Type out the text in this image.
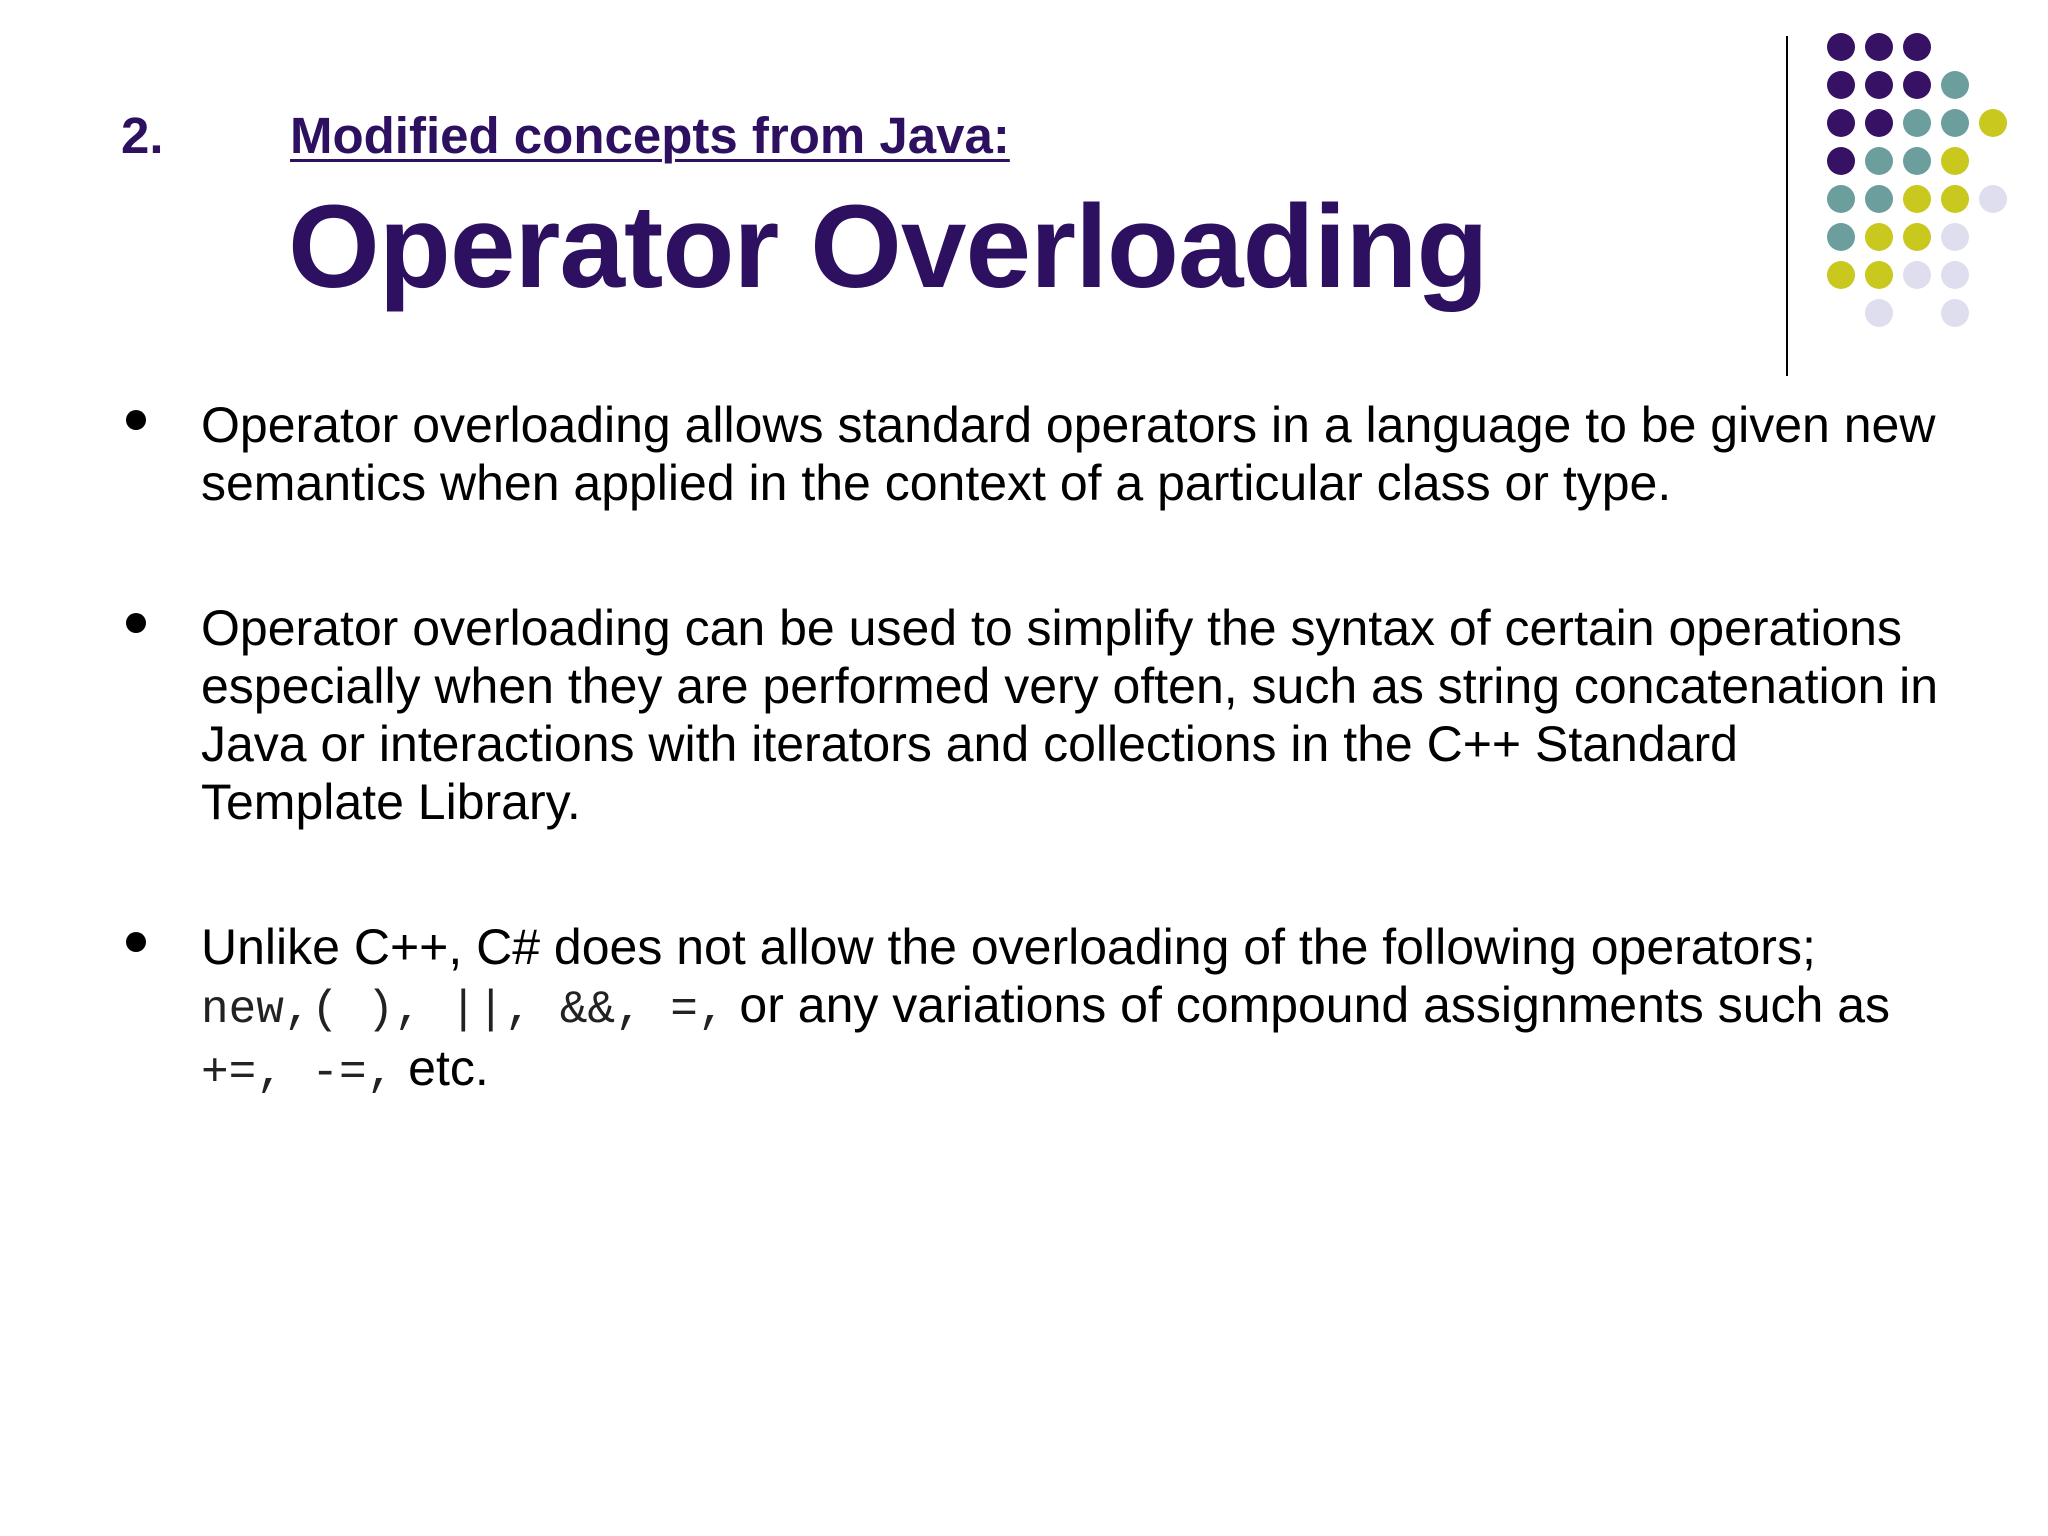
2. Modified concepts from Java:
Operator Overloading
Operator overloading allows standard operators in a language to be given new semantics when applied in the context of a particular class or type.
Operator overloading can be used to simplify the syntax of certain operations especially when they are performed very often, such as string concatenation in Java or interactions with iterators and collections in the C++ Standard Template Library.
Unlike C++, C# does not allow the overloading of the following operators; new,( ), ||, &&, =, or any variations of compound assignments such as +=, -=, etc.
